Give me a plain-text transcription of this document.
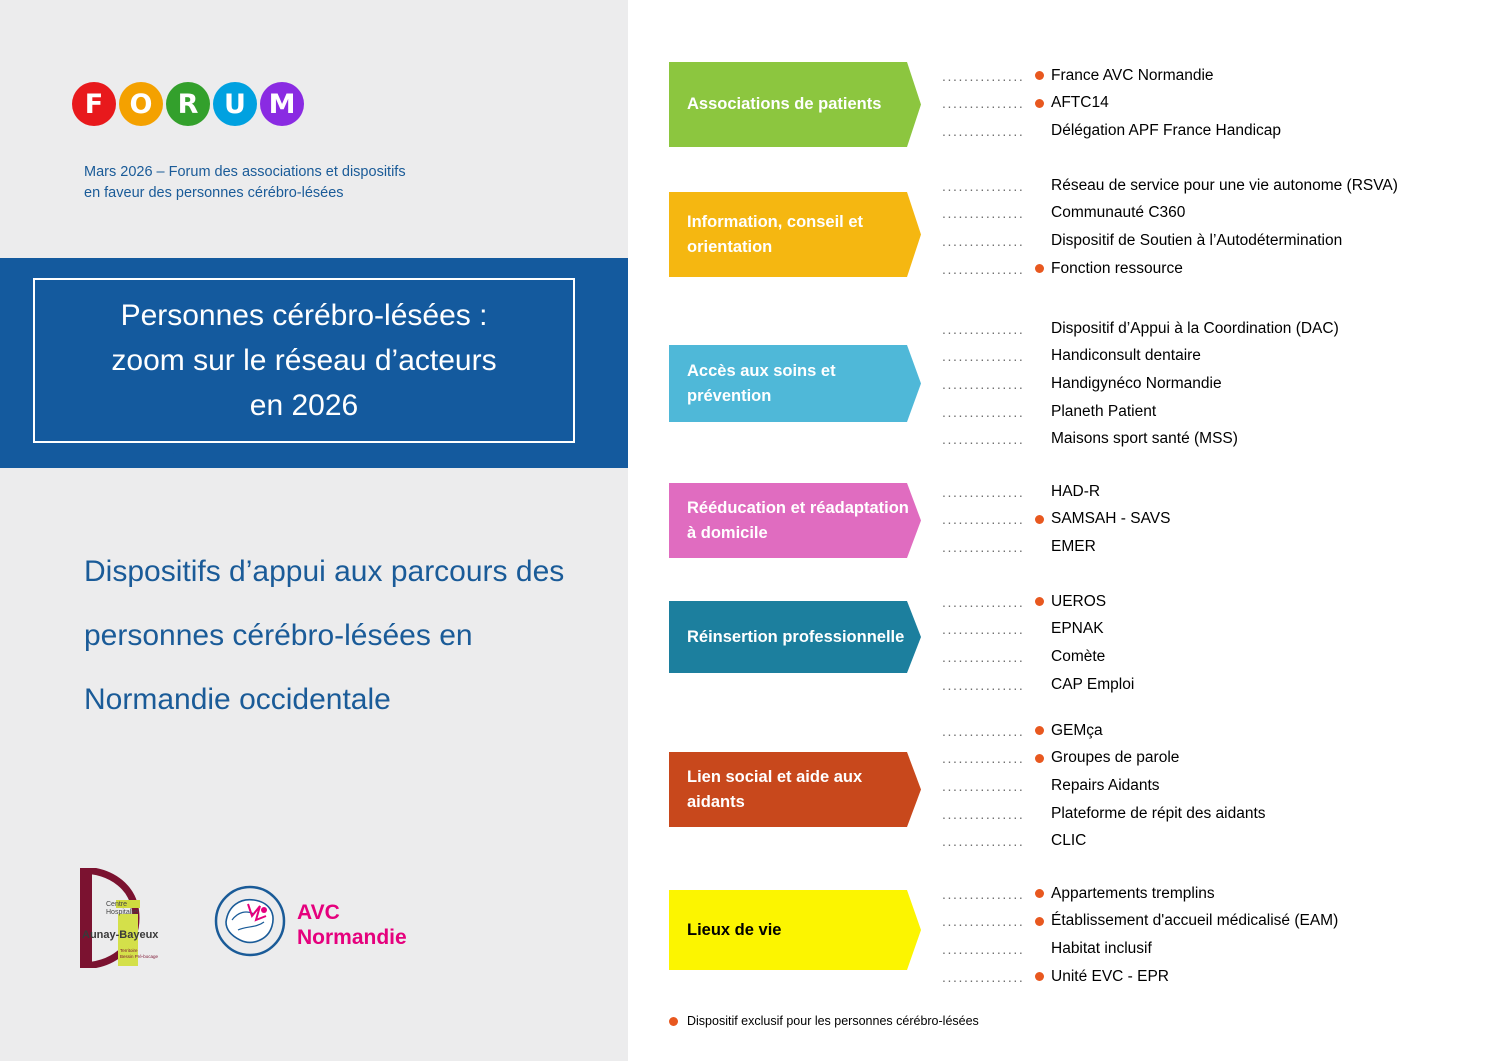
F O R U M
Mars 2026 – Forum des associations et dispositifs
en faveur des personnes cérébro-lésées
Personnes cérébro-lésées :
zoom sur le réseau d’acteurs
en 2026
Dispositifs d’appui aux parcours des personnes cérébro-lésées en Normandie occidentale
Centre
Hospitalier
Aunay-Bayeux
Territoire
Bessin Pré-bocage
AVC
Normandie
Associations de patients
............... France AVC Normandie
............... AFTC14
............... Délégation APF France Handicap
Information, conseil et orientation
............... Réseau de service pour une vie autonome (RSVA)
............... Communauté C360
............... Dispositif de Soutien à l’Autodétermination
............... Fonction ressource
Accès aux soins et prévention
............... Dispositif d’Appui à la Coordination (DAC)
............... Handiconsult dentaire
............... Handigynéco Normandie
............... Planeth Patient
............... Maisons sport santé (MSS)
Rééducation et réadaptation à domicile
............... HAD-R
............... SAMSAH - SAVS
............... EMER
Réinsertion professionnelle
............... UEROS
............... EPNAK
............... Comète
............... CAP Emploi
Lien social et aide aux aidants
............... GEMça
............... Groupes de parole
............... Repairs Aidants
............... Plateforme de répit des aidants
............... CLIC
Lieux de vie
............... Appartements tremplins
............... Établissement d'accueil médicalisé (EAM)
............... Habitat inclusif
............... Unité EVC - EPR
Dispositif exclusif pour les personnes cérébro-lésées
